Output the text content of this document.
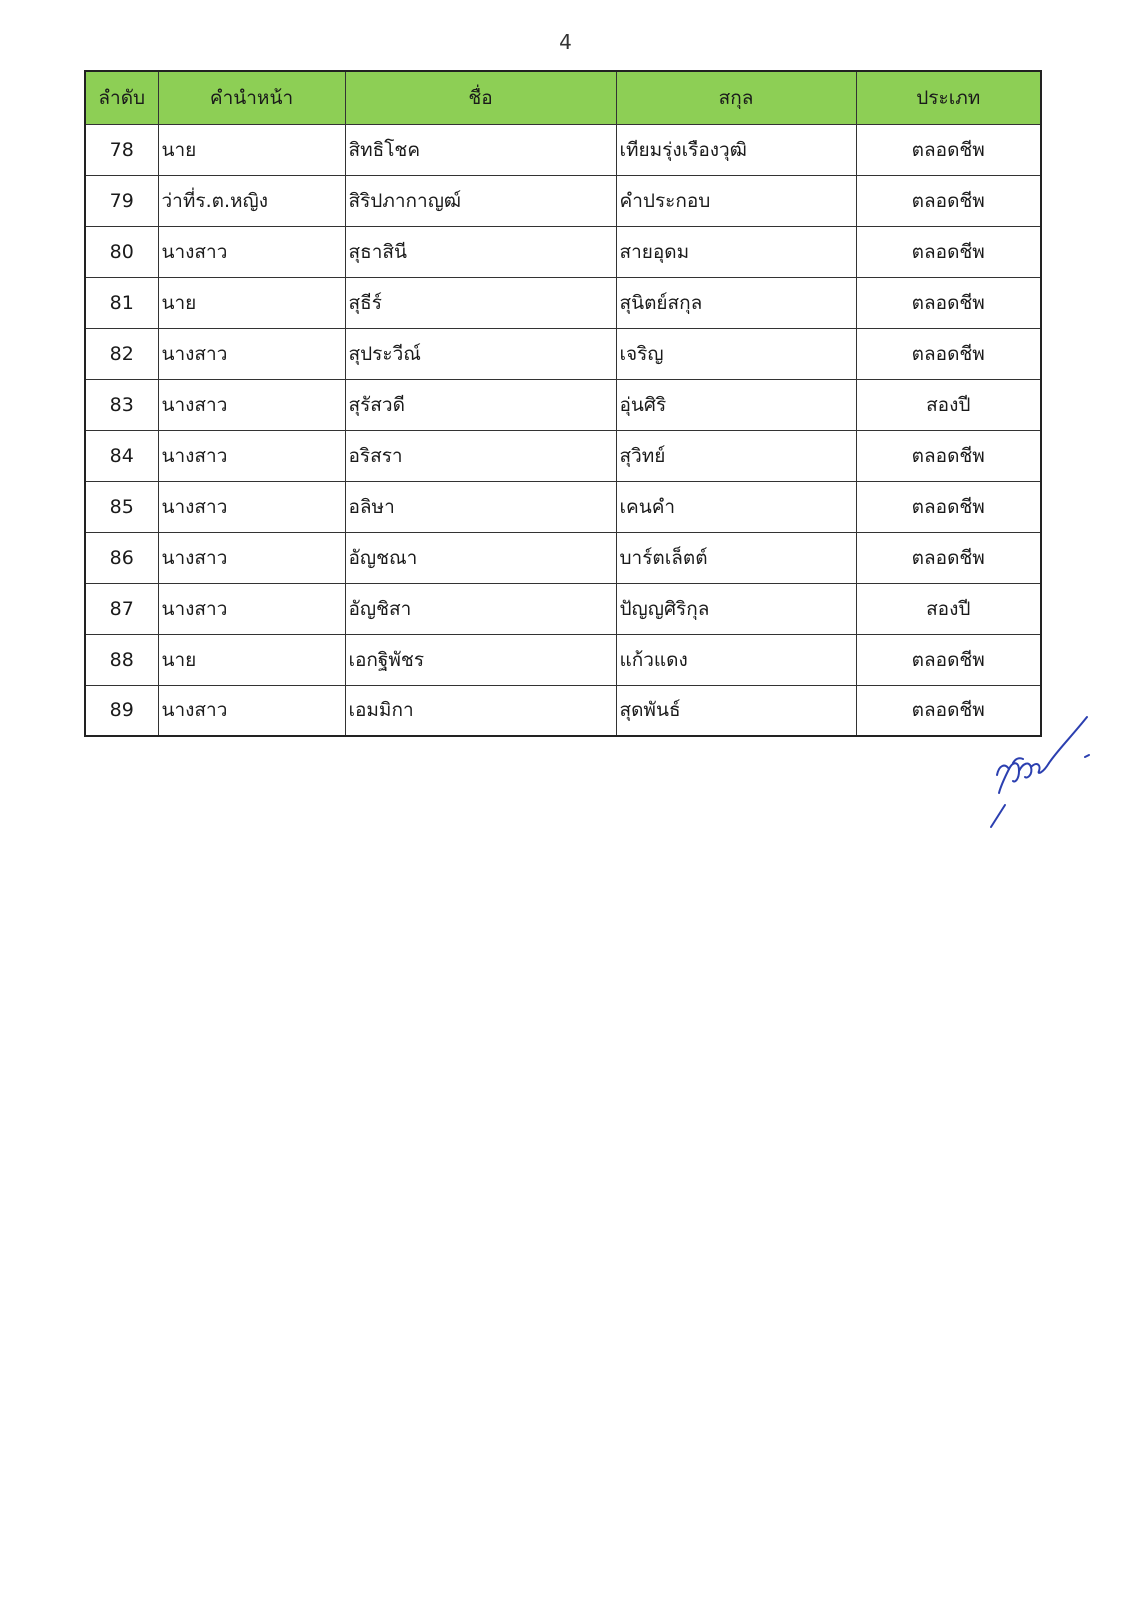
4
ลำดับ	คำนำหน้า	ชื่อ	สกุล	ประเภท
78	นาย	สิทธิโชค	เทียมรุ่งเรืองวุฒิ	ตลอดชีพ
79	ว่าที่ร.ต.หญิง	สิริปภากาญฒ์	คำประกอบ	ตลอดชีพ
80	นางสาว	สุธาสินี	สายอุดม	ตลอดชีพ
81	นาย	สุธีร์	สุนิตย์สกุล	ตลอดชีพ
82	นางสาว	สุประวีณ์	เจริญ	ตลอดชีพ
83	นางสาว	สุรัสวดี	อุ่นศิริ	สองปี
84	นางสาว	อริสรา	สุวิทย์	ตลอดชีพ
85	นางสาว	อลิษา	เคนคำ	ตลอดชีพ
86	นางสาว	อัญชณา	บาร์ตเล็ตต์	ตลอดชีพ
87	นางสาว	อัญชิสา	ปัญญศิริกุล	สองปี
88	นาย	เอกฐิพัชร	แก้วแดง	ตลอดชีพ
89	นางสาว	เอมมิกา	สุดพันธ์	ตลอดชีพ
